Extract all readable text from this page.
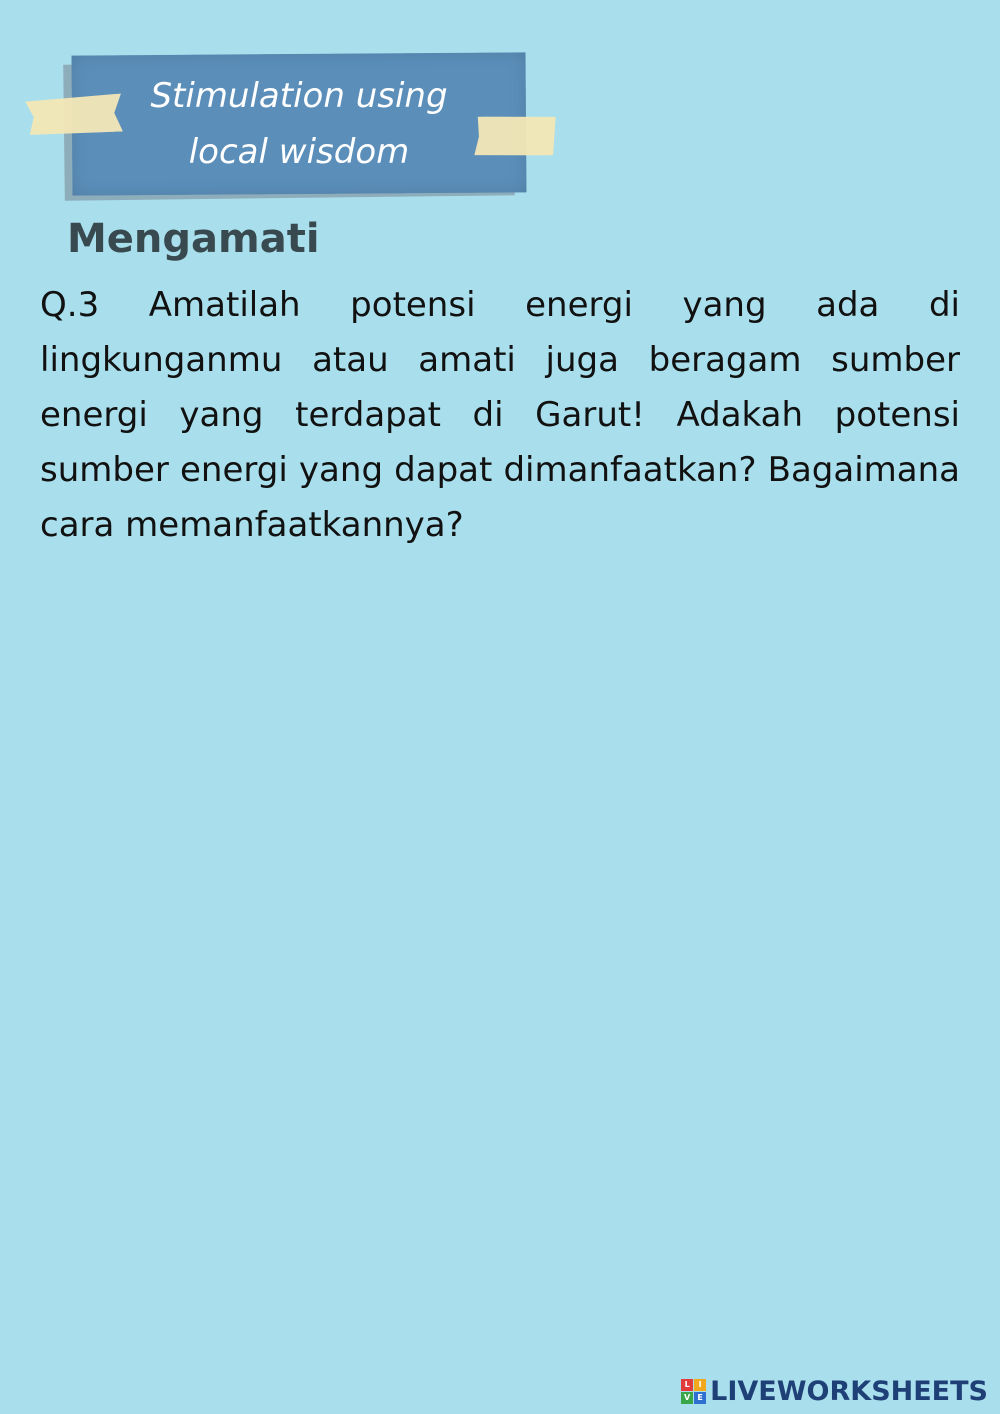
Stimulation using
local wisdom
Mengamati

Q.3 Amatilah potensi energi yang ada di lingkunganmu atau amati juga beragam sumber energi yang terdapat di Garut! Adakah potensi sumber energi yang dapat dimanfaatkan? Bagaimana cara memanfaatkannya?

L	I
V E LIVEWORKSHEETS
